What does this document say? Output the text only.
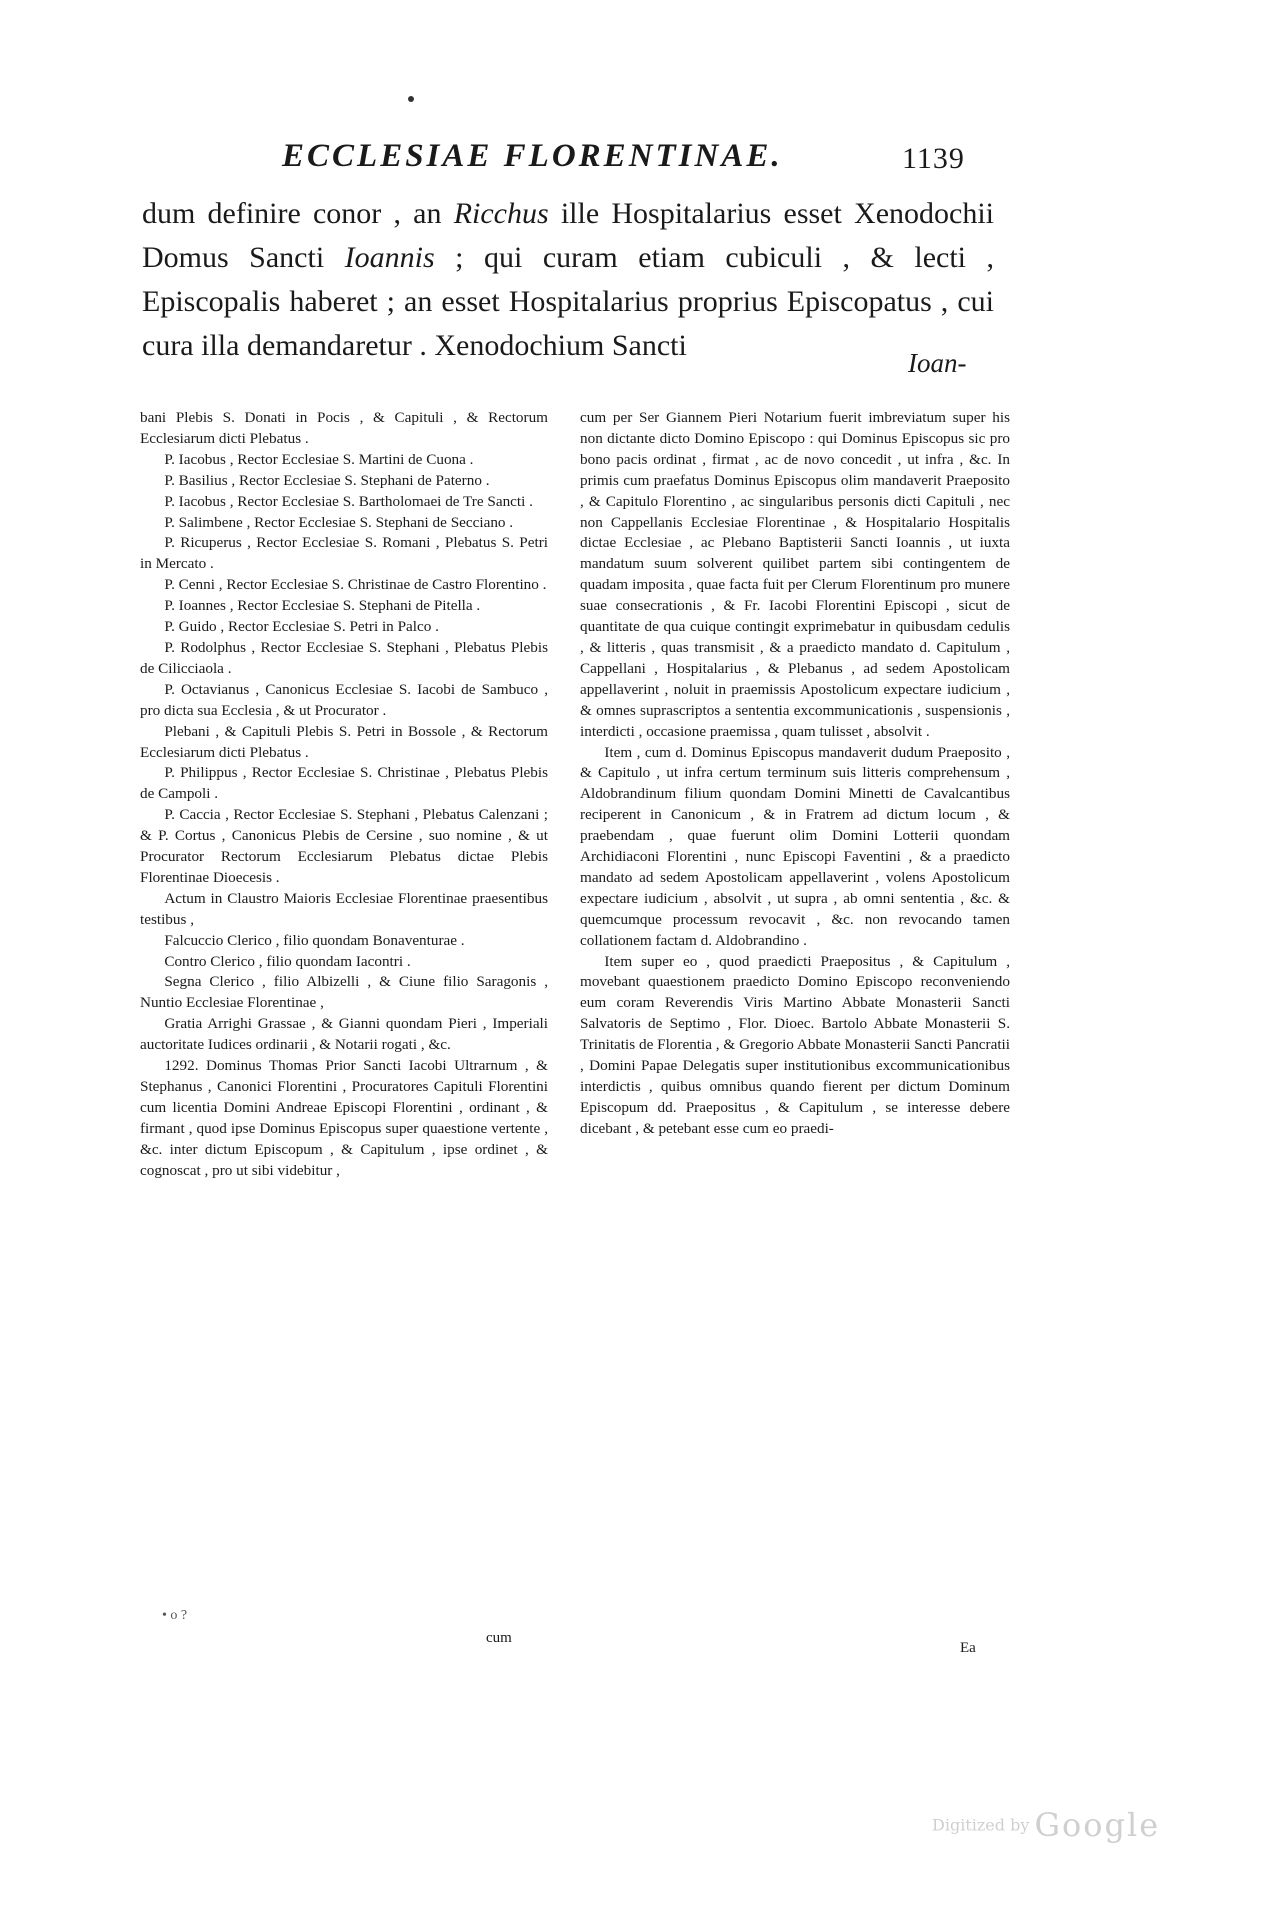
ECCLESIAE FLORENTINAE.	1139

dum definire conor , an Ricchus ille Hospitalarius esset Xenodochii Domus Sancti Ioannis ; qui curam etiam cubiculi , & lecti , Episcopalis haberet ; an esset Hospitalarius proprius Episcopatus , cui cura illa demandaretur . Xenodochium Sancti

Ioan-

bani Plebis S. Donati in Pocis , & Capituli , & Rectorum Ecclesiarum dicti Plebatus .

P. Iacobus , Rector Ecclesiae S. Martini de Cuona .

P. Basilius , Rector Ecclesiae S. Stephani de Paterno .

P. Iacobus , Rector Ecclesiae S. Bartholomaei de Tre Sancti .

P. Salimbene , Rector Ecclesiae S. Stephani de Secciano .

P. Ricuperus , Rector Ecclesiae S. Romani , Plebatus S. Petri in Mercato .

P. Cenni , Rector Ecclesiae S. Christinae de Castro Florentino .

P. Ioannes , Rector Ecclesiae S. Stephani de Pitella .

P. Guido , Rector Ecclesiae S. Petri in Palco .

P. Rodolphus , Rector Ecclesiae S. Stephani , Plebatus Plebis de Cilicciaola .

P. Octavianus , Canonicus Ecclesiae S. Iacobi de Sambuco , pro dicta sua Ecclesia , & ut Procurator .

Plebani , & Capituli Plebis S. Petri in Bossole , & Rectorum Ecclesiarum dicti Plebatus .

P. Philippus , Rector Ecclesiae S. Christinae , Plebatus Plebis de Campoli .

P. Caccia , Rector Ecclesiae S. Stephani , Plebatus Calenzani ; & P. Cortus , Canonicus Plebis de Cersine , suo nomine , & ut Procurator Rectorum Ecclesiarum Plebatus dictae Plebis Florentinae Dioecesis .

Actum in Claustro Maioris Ecclesiae Florentinae praesentibus testibus ,

Falcuccio Clerico , filio quondam Bonaventurae .

Contro Clerico , filio quondam Iacontri .

Segna Clerico , filio Albizelli , & Ciune filio Saragonis , Nuntio Ecclesiae Florentinae ,

Gratia Arrighi Grassae , & Gianni quondam Pieri , Imperiali auctoritate Iudices ordinarii , & Notarii rogati , &c.

1292. Dominus Thomas Prior Sancti Iacobi Ultrarnum , & Stephanus , Canonici Florentini , Procuratores Capituli Florentini cum licentia Domini Andreae Episcopi Florentini , ordinant , & firmant , quod ipse Dominus Episcopus super quaestione vertente , &c. inter dictum Episcopum , & Capitulum , ipse ordinet , & cognoscat , pro ut sibi videbitur ,

cum per Ser Giannem Pieri Notarium fuerit imbreviatum super his non dictante dicto Domino Episcopo : qui Dominus Episcopus sic pro bono pacis ordinat , firmat , ac de novo concedit , ut infra , &c. In primis cum praefatus Dominus Episcopus olim mandaverit Praeposito , & Capitulo Florentino , ac singularibus personis dicti Capituli , nec non Cappellanis Ecclesiae Florentinae , & Hospitalario Hospitalis dictae Ecclesiae , ac Plebano Baptisterii Sancti Ioannis , ut iuxta mandatum suum solverent quilibet partem sibi contingentem de quadam imposita , quae facta fuit per Clerum Florentinum pro munere suae consecrationis , & Fr. Iacobi Florentini Episcopi , sicut de quantitate de qua cuique contingit exprimebatur in quibusdam cedulis , & litteris , quas transmisit , & a praedicto mandato d. Capitulum , Cappellani , Hospitalarius , & Plebanus , ad sedem Apostolicam appellaverint , noluit in praemissis Apostolicum expectare iudicium , & omnes suprascriptos a sententia excommunicationis , suspensionis , interdicti , occasione praemissa , quam tulisset , absolvit .

Item , cum d. Dominus Episcopus mandaverit dudum Praeposito , & Capitulo , ut infra certum terminum suis litteris comprehensum , Aldobrandinum filium quondam Domini Minetti de Cavalcantibus reciperent in Canonicum , & in Fratrem ad dictum locum , & praebendam , quae fuerunt olim Domini Lotterii quondam Archidiaconi Florentini , nunc Episcopi Faventini , & a praedicto mandato ad sedem Apostolicam appellaverint , volens Apostolicum expectare iudicium , absolvit , ut supra , ab omni sententia , &c. & quemcumque processum revocavit , &c. non revocando tamen collationem factam d. Aldobrandino .

Item super eo , quod praedicti Praepositus , & Capitulum , movebant quaestionem praedicto Domino Episcopo reconveniendo eum coram Reverendis Viris Martino Abbate Monasterii Sancti Salvatoris de Septimo , Flor. Dioec. Bartolo Abbate Monasterii S. Trinitatis de Florentia , & Gregorio Abbate Monasterii Sancti Pancratii , Domini Papae Delegatis super institutionibus excommunicationibus interdictis , quibus omnibus quando fierent per dictum Dominum Episcopum dd. Praepositus , & Capitulum , se interesse debere dicebant , & petebant esse cum eo praedi-

• o ?
cum
Ea
Digitized by Google
